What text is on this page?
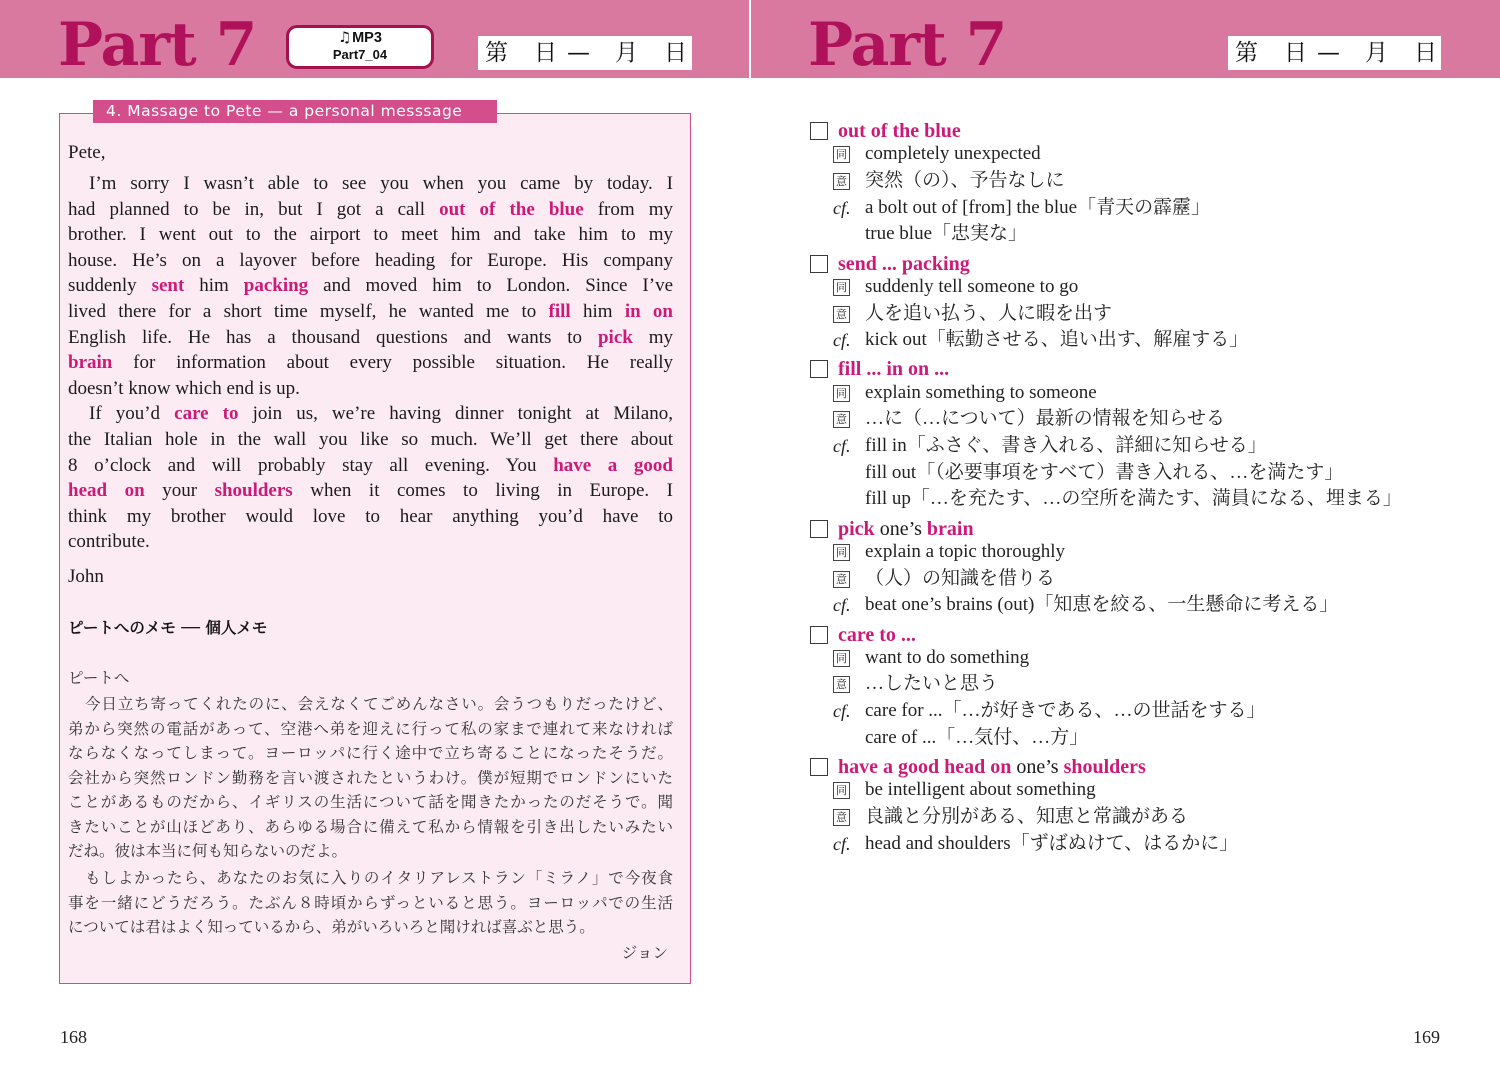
Part 7
♫	MP3
Part7_04	第 日 — 月 日
4. Massage to Pete — a personal messsage
Pete,
I’m sorry I wasn’t able to see you when you came by today. I
had planned to be in, but I got a call out of the blue from my
brother. I went out to the airport to meet him and take him to my
house. He’s on a layover before heading for Europe. His company
suddenly sent him packing and moved him to London. Since I’ve
lived there for a short time myself, he wanted me to fill him in on
English life. He has a thousand questions and wants to pick my
brain for information about every possible situation. He really
doesn’t know which end is up.
If you’d care to join us, we’re having dinner tonight at Milano,
the Italian hole in the wall you like so much. We’ll get there about
8 o’clock and will probably stay all evening. You have a good
head on your shoulders when it comes to living in Europe. I
think my brother would love to hear anything you’d have to
contribute.
John
ピートへのメモ ── 個人メモ
ピートへ
今日立ち寄ってくれたのに、会えなくてごめんなさい。会うつもりだったけど、
弟から突然の電話があって、空港へ弟を迎えに行って私の家まで連れて来なければ
ならなくなってしまって。ヨーロッパに行く途中で立ち寄ることになったそうだ。
会社から突然ロンドン勤務を言い渡されたというわけ。僕が短期でロンドンにいた
ことがあるものだから、イギリスの生活について話を聞きたかったのだそうで。聞
きたいことが山ほどあり、あらゆる場合に備えて私から情報を引き出したいみたい
だね。彼は本当に何も知らないのだよ。
もしよかったら、あなたのお気に入りのイタリアレストラン「ミラノ」で今夜食
事を一緒にどうだろう。たぶん８時頃からずっといると思う。ヨーロッパでの生活
については君はよく知っているから、弟がいろいろと聞ければ喜ぶと思う。
ジョン
168
Part 7	第 日 — 月 日
out of the blue
同 completely unexpected
意 突然（の）、予告なしに
cf. a bolt out of [from] the blue「青天の霹靂」
true blue「忠実な」
send ... packing
同 suddenly tell someone to go
意 人を追い払う、人に暇を出す
cf. kick out「転勤させる、追い出す、解雇する」
fill ... in on ...
同 explain something to someone
意 …に（…について）最新の情報を知らせる
cf. fill in「ふさぐ、書き入れる、詳細に知らせる」
fill out「（必要事項をすべて）書き入れる、…を満たす」
fill up「…を充たす、…の空所を満たす、満員になる、埋まる」
pick one’s brain
同 explain a topic thoroughly
意 （人）の知識を借りる
cf. beat one’s brains (out)「知恵を絞る、一生懸命に考える」
care to ...
同 want to do something
意 …したいと思う
cf. care for ...「…が好きである、…の世話をする」
care of ...「…気付、…方」
have a good head on one’s shoulders
同 be intelligent about something
意 良識と分別がある、知恵と常識がある
cf. head and shoulders「ずばぬけて、はるかに」
169
